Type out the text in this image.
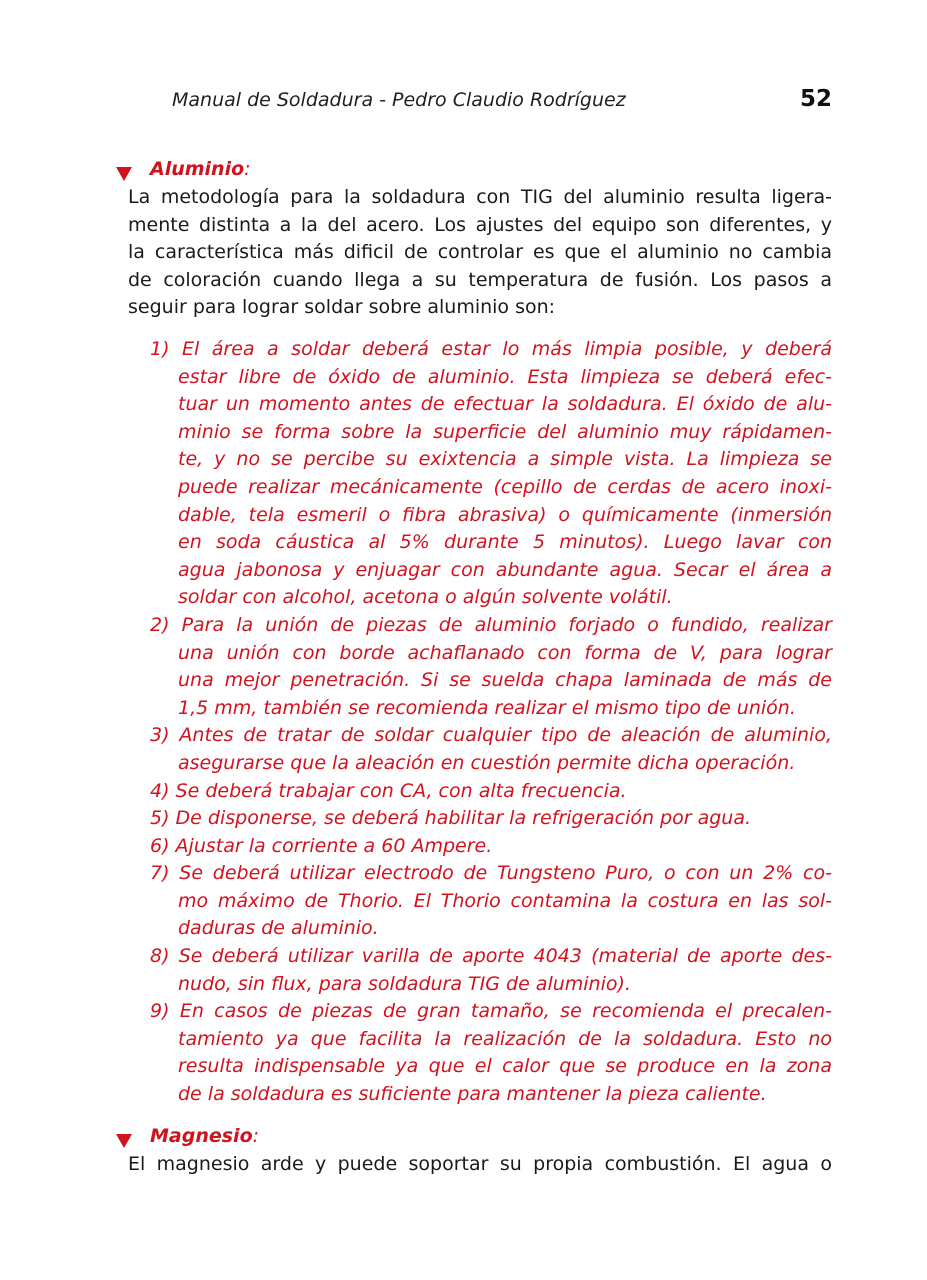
Manual de Soldadura - Pedro Claudio Rodríguez	52
Aluminio:
La metodología para la soldadura con TIG del aluminio resulta ligera-
mente distinta a la del acero. Los ajustes del equipo son diferentes, y
la característica más dificil de controlar es que el aluminio no cambia
de coloración cuando llega a su temperatura de fusión. Los pasos a
seguir para lograr soldar sobre aluminio son:
1) El área a soldar deberá estar lo más limpia posible, y deberá
estar libre de óxido de aluminio. Esta limpieza se deberá efec-
tuar un momento antes de efectuar la soldadura. El óxido de alu-
minio se forma sobre la superficie del aluminio muy rápidamen-
te, y no se percibe su exixtencia a simple vista. La limpieza se
puede realizar mecánicamente (cepillo de cerdas de acero inoxi-
dable, tela esmeril o fibra abrasiva) o químicamente (inmersión
en soda cáustica al 5% durante 5 minutos). Luego lavar con
agua jabonosa y enjuagar con abundante agua. Secar el área a
soldar con alcohol, acetona o algún solvente volátil.
2) Para la unión de piezas de aluminio forjado o fundido, realizar
una unión con borde achaflanado con forma de V, para lograr
una mejor penetración. Si se suelda chapa laminada de más de
1,5 mm, también se recomienda realizar el mismo tipo de unión.
3) Antes de tratar de soldar cualquier tipo de aleación de aluminio,
asegurarse que la aleación en cuestión permite dicha operación.
4) Se deberá trabajar con CA, con alta frecuencia.
5) De disponerse, se deberá habilitar la refrigeración por agua.
6) Ajustar la corriente a 60 Ampere.
7) Se deberá utilizar electrodo de Tungsteno Puro, o con un 2% co-
mo máximo de Thorio. El Thorio contamina la costura en las sol-
daduras de aluminio.
8) Se deberá utilizar varilla de aporte 4043 (material de aporte des-
nudo, sin flux, para soldadura TIG de aluminio).
9) En casos de piezas de gran tamaño, se recomienda el precalen-
tamiento ya que facilita la realización de la soldadura. Esto no
resulta indispensable ya que el calor que se produce en la zona
de la soldadura es suficiente para mantener la pieza caliente.
Magnesio:
El magnesio arde y puede soportar su propia combustión. El agua o
